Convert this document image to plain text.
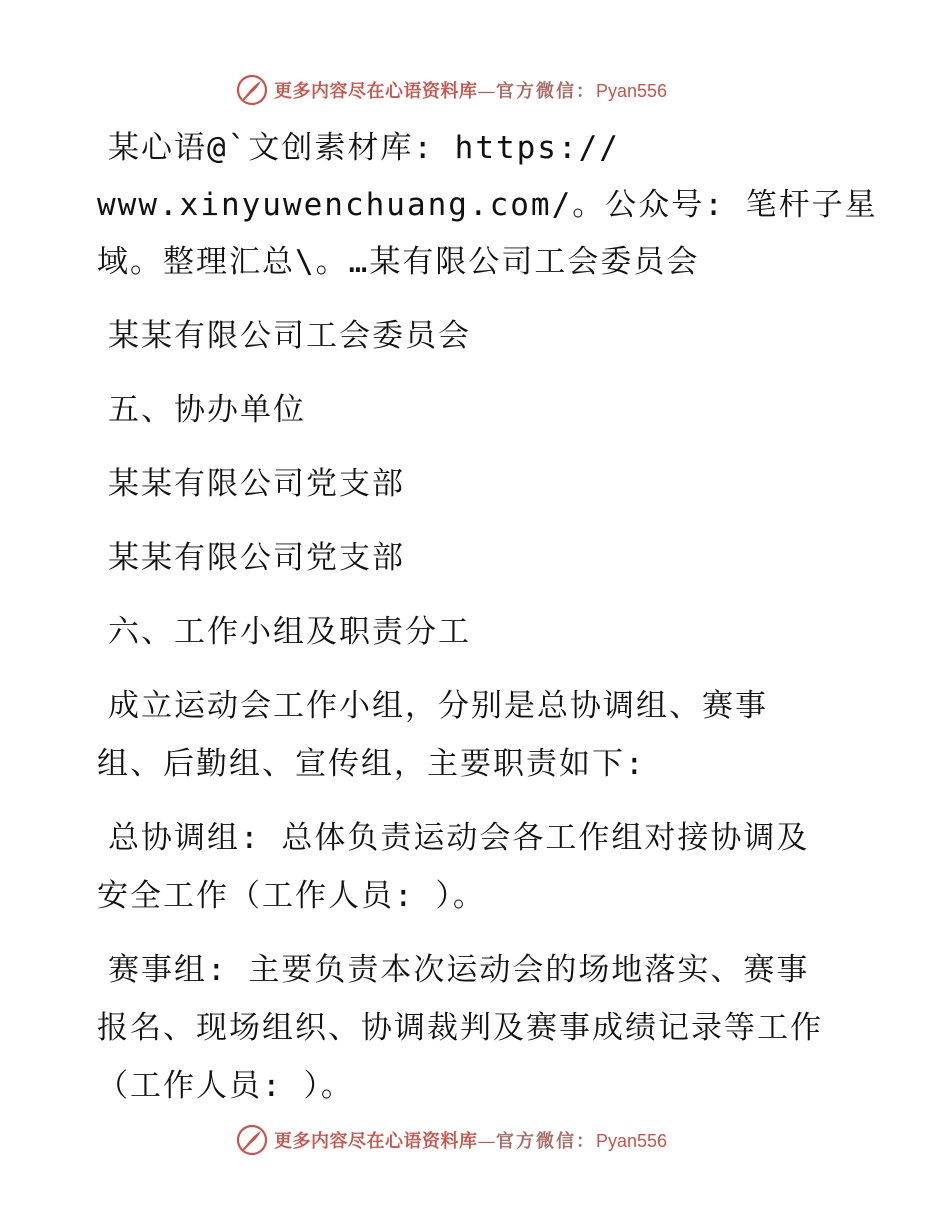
更多内容尽在心语资料库—官方微信：Pyan556
某心语@`文创素材库: https://
www.xinyuwenchuang.com/。公众号: 笔杆子星
域。整理汇总\。…某有限公司工会委员会
某某有限公司工会委员会
五、协办单位
某某有限公司党支部
某某有限公司党支部
六、工作小组及职责分工
成立运动会工作小组，分别是总协调组、赛事
组、后勤组、宣传组，主要职责如下:
总协调组: 总体负责运动会各工作组对接协调及
安全工作（工作人员: ）。
赛事组: 主要负责本次运动会的场地落实、赛事
报名、现场组织、协调裁判及赛事成绩记录等工作
（工作人员: ）。
更多内容尽在心语资料库—官方微信：Pyan556
